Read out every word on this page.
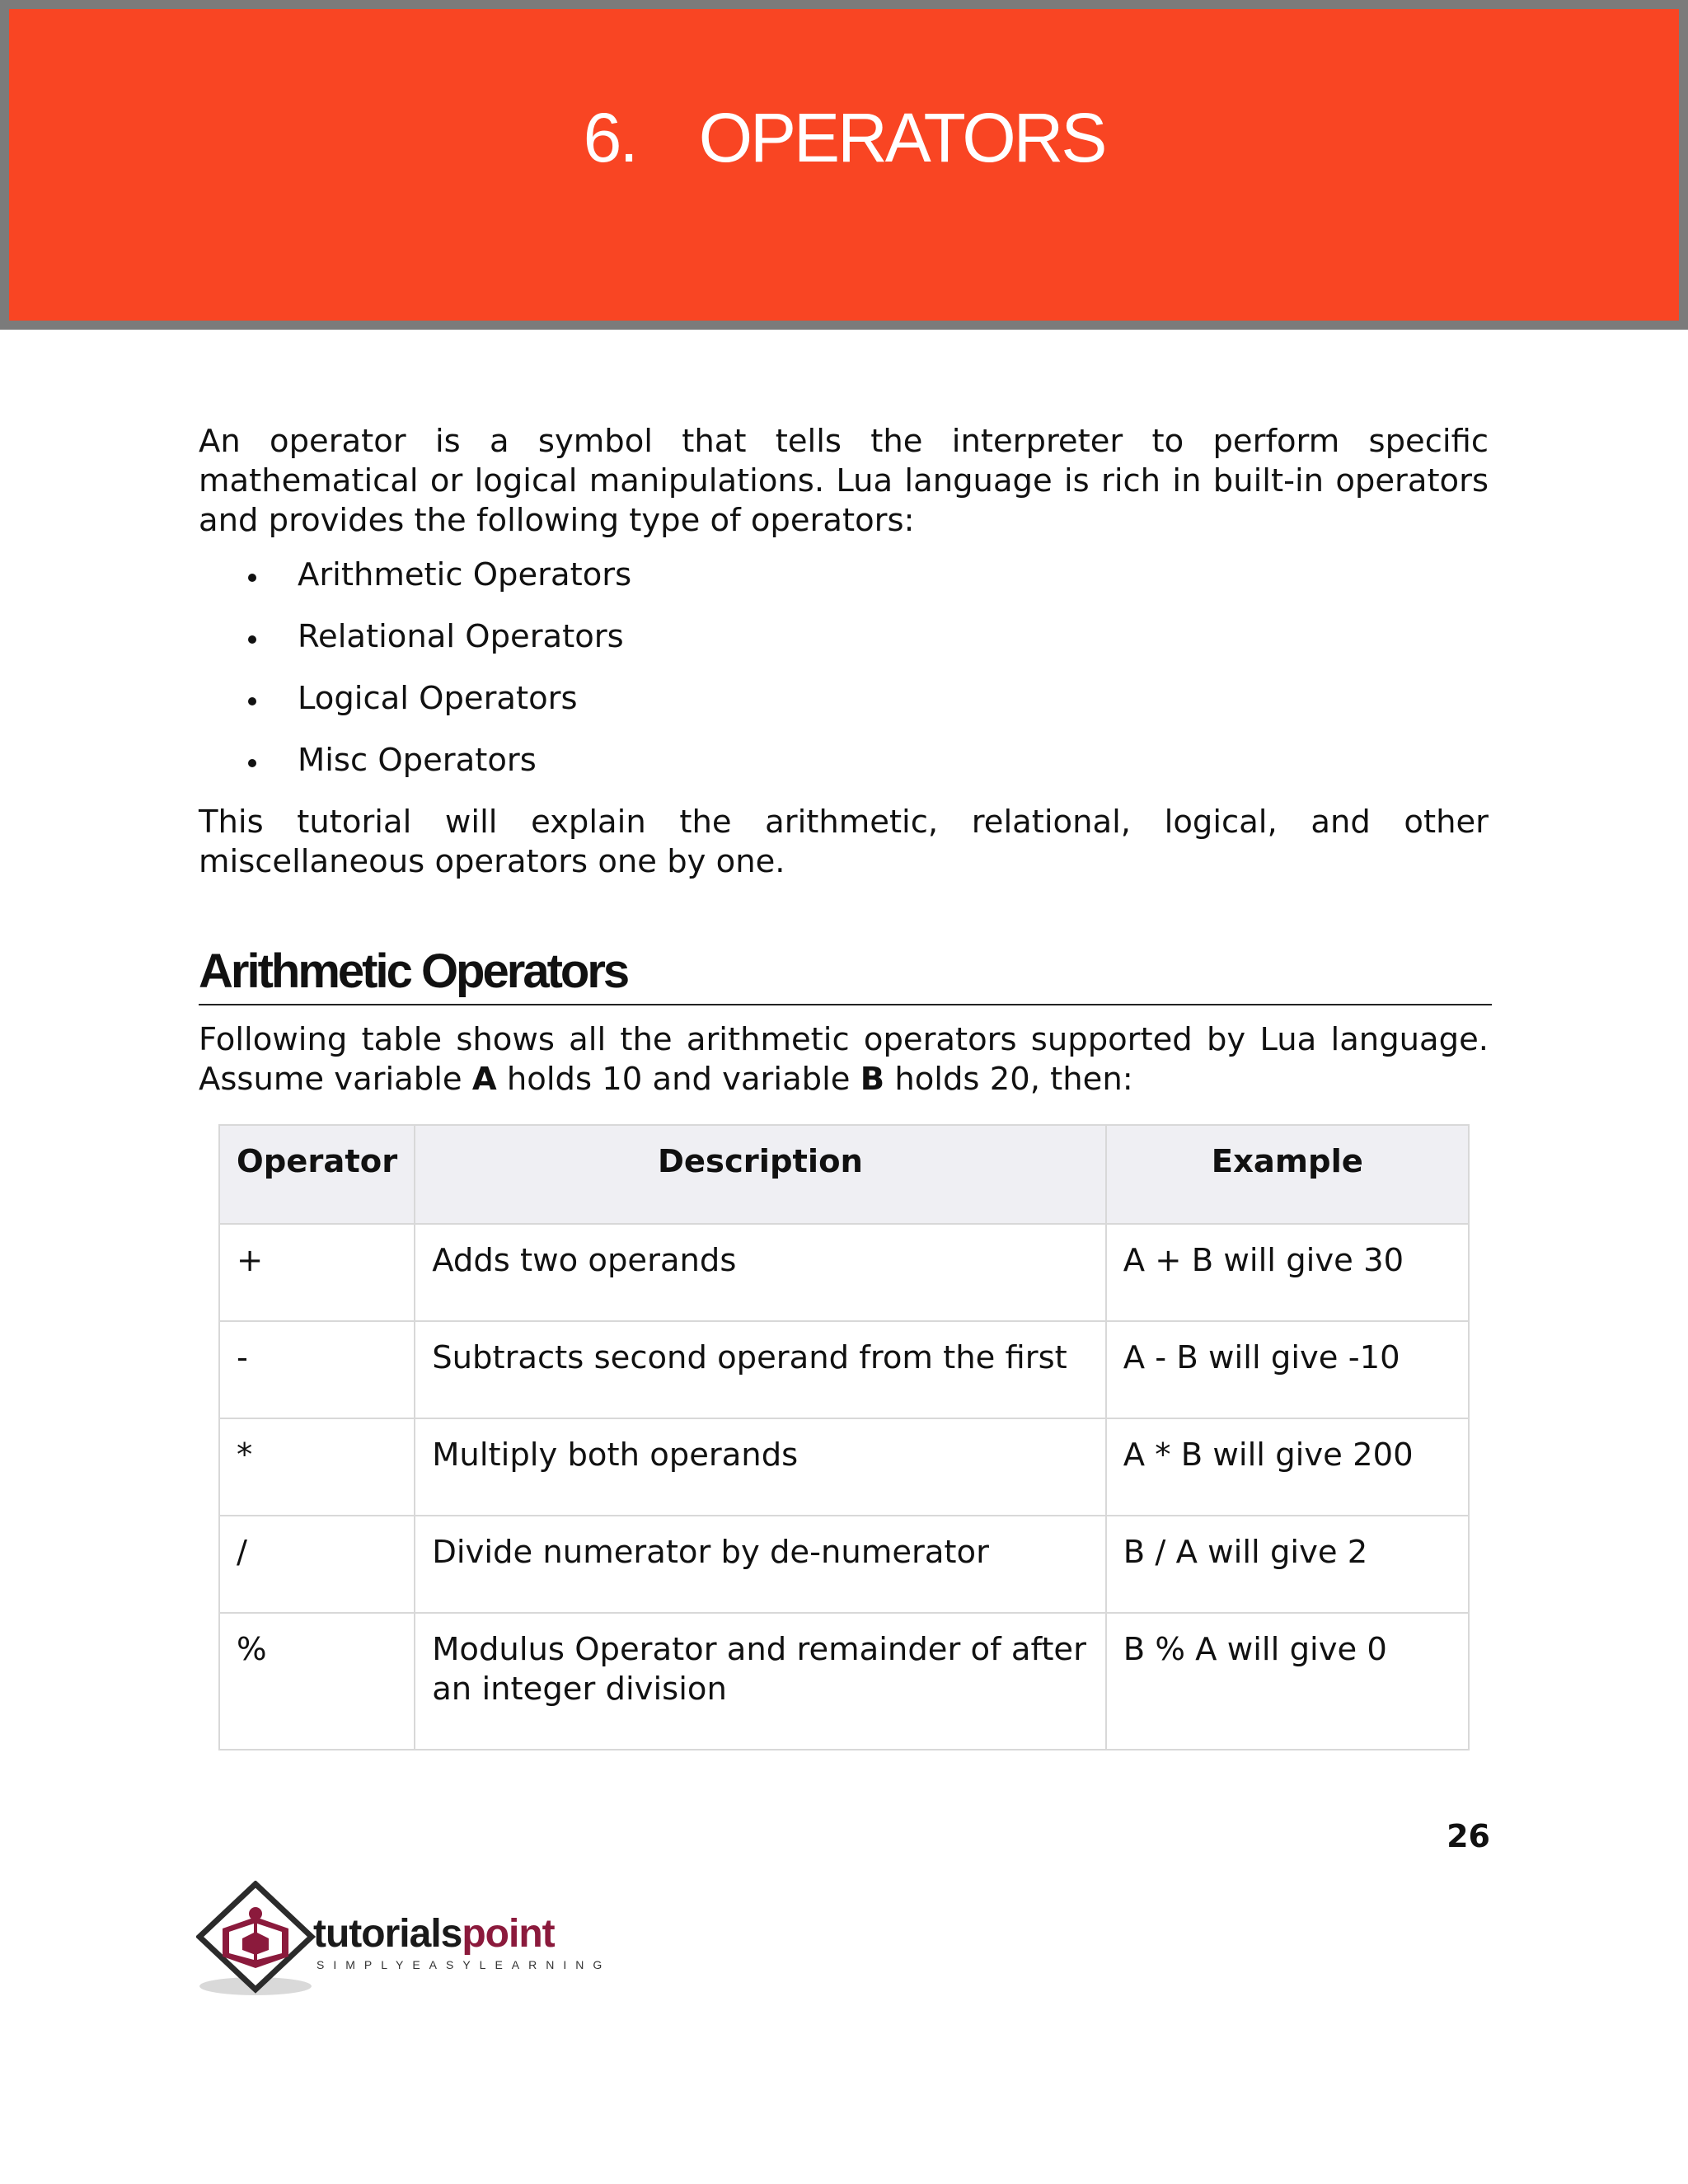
6. OPERATORS

An operator is a symbol that tells the interpreter to perform specific mathematical or logical manipulations. Lua language is rich in built-in operators and provides the following type of operators:

Arithmetic Operators
Relational Operators
Logical Operators
Misc Operators

This tutorial will explain the arithmetic, relational, logical, and other miscellaneous operators one by one.

Arithmetic Operators

Following table shows all the arithmetic operators supported by Lua language. Assume variable A holds 10 and variable B holds 20, then:

Operator	Description	Example
+	Adds two operands	A + B will give 30
-	Subtracts second operand from the first	A - B will give -10
*	Multiply both operands	A * B will give 200
/	Divide numerator by de-numerator	B / A will give 2
%	Modulus Operator and remainder of after an integer division	B % A will give 0
26
tutorialspoint
SIMPLYEASYLEARNING
